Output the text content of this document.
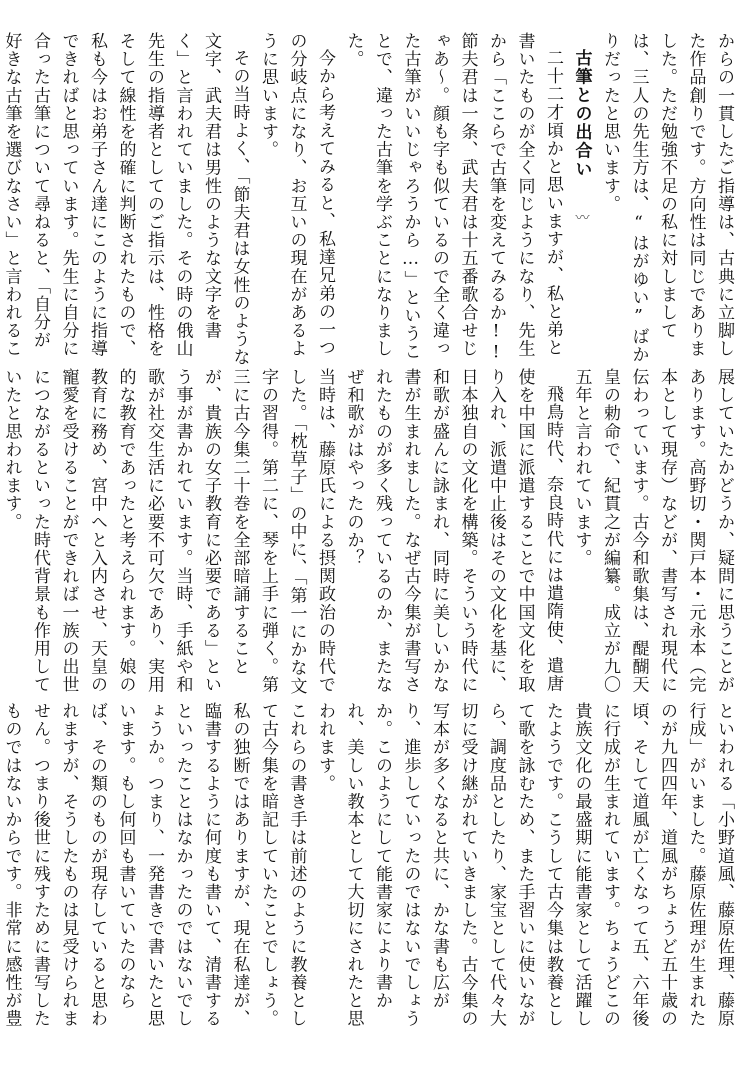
からの一貫したご指導は、古典に立脚した作品創りです。方向性は同じでありました。ただ勉強不足の私に対しましては、三人の先生方は、“はがゆい”ばかりだったと思います。

古筆との出合い〰

二十二才頃かと思いますが、私と弟と書いたものが全く同じようになり、先生から「ここらで古筆を変えてみるか!! 節夫君は一条、武夫君は十五番歌合せじゃあ〜。顔も字も似ているので全く違った古筆がいいじゃろうから…」ということで、違った古筆を学ぶことになりました。

今から考えてみると、私達兄弟の一つの分岐点になり、お互いの現在があるように思います。

その当時よく、「節夫君は女性のような文字、武夫君は男性のような文字を書く」と言われていました。その時の俄山先生の指導者としてのご指示は、性格をそして線性を的確に判断されたもので、私も今はお弟子さん達にこのように指導できればと思っています。先生に自分に合った古筆について尋ねると、「自分が好きな古筆を選びなさい」と言われるこ

展していたかどうか、疑問に思うことがあります。高野切・関戸本・元永本（完本として現存）などが、書写され現代に伝わっています。古今和歌集は、醍醐天皇の勅命で、紀貫之が編纂。成立が九〇五年と言われています。

飛鳥時代、奈良時代には遣隋使、遣唐使を中国に派遣することで中国文化を取り入れ、派遣中止後はその文化を基に、日本独自の文化を構築。そういう時代に和歌が盛んに詠まれ、同時に美しいかな書が生まれました。なぜ古今集が書写されたものが多く残っているのか、またなぜ和歌がはやったのか？

当時は、藤原氏による摂関政治の時代でした。「枕草子」の中に、「第一にかな文字の習得。第二に、琴を上手に弾く。第三に古今集二十巻を全部暗誦することが、貴族の女子教育に必要である」という事が書かれています。当時、手紙や和歌が社交生活に必要不可欠であり、実用的な教育であったと考えられます。娘の教育に務め、宮中へと入内させ、天皇の寵愛を受けることができれば一族の出世につながるといった時代背景も作用していたと思われます。

といわれる「小野道風、藤原佐理、藤原行成」がいました。藤原佐理が生まれたのが九四四年、道風がちょうど五十歳の頃、そして道風が亡くなって五、六年後に行成が生まれています。ちょうどこの貴族文化の最盛期に能書家として活躍したようです。こうして古今集は教養として歌を詠むため、また手習いに使いながら、調度品としたり、家宝として代々大切に受け継がれていきました。古今集の写本が多くなると共に、かな書も広がり、進歩していったのではないでしょうか。このようにして能書家により書かれ、美しい教本として大切にされたと思われます。

これらの書き手は前述のように教養として古今集を暗記していたことでしょう。私の独断ではありますが、現在私達が、臨書するように何度も書いて、清書するといったことはなかったのではないでしょうか。つまり、一発書きで書いたと思います。もし何回も書いていたのならば、その類のものが現存していると思われますが、そうしたものは見受けられません。つまり後世に残すために書写したものではないからです。非常に感性が豊
